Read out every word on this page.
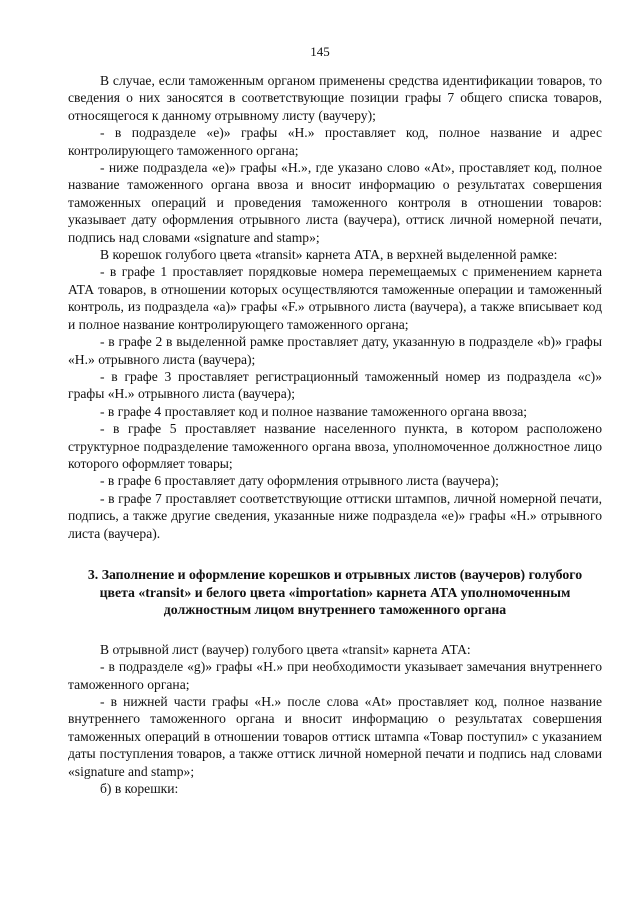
145

В случае, если таможенным органом применены средства идентификации товаров, то сведения о них заносятся в соответствующие позиции графы 7 общего списка товаров, относящегося к данному отрывному листу (ваучеру);

- в подразделе «e)» графы «H.» проставляет код, полное название и адрес контролирующего таможенного органа;

- ниже подраздела «e)» графы «H.», где указано слово «At», проставляет код, полное название таможенного органа ввоза и вносит информацию о результатах совершения таможенных операций и проведения таможенного контроля в отношении товаров: указывает дату оформления отрывного листа (ваучера), оттиск личной номерной печати, подпись над словами «signature and stamp»;

В корешок голубого цвета «transit» карнета АТА, в верхней выделенной рамке:

- в графе 1 проставляет порядковые номера перемещаемых с применением карнета АТА товаров, в отношении которых осуществляются таможенные операции и таможенный контроль, из подраздела «a)» графы «F.» отрывного листа (ваучера), а также вписывает код и полное название контролирующего таможенного органа;

- в графе 2 в выделенной рамке проставляет дату, указанную в подразделе «b)» графы «H.» отрывного листа (ваучера);

- в графе 3 проставляет регистрационный таможенный номер из подраздела «c)» графы «H.» отрывного листа (ваучера);

- в графе 4 проставляет код и полное название таможенного органа ввоза;

- в графе 5 проставляет название населенного пункта, в котором расположено структурное подразделение таможенного органа ввоза, уполномоченное должностное лицо которого оформляет товары;

- в графе 6 проставляет дату оформления отрывного листа (ваучера);

- в графе 7 проставляет соответствующие оттиски штампов, личной номерной печати, подпись, а также другие сведения, указанные ниже подраздела «e)» графы «H.» отрывного листа (ваучера).

3. Заполнение и оформление корешков и отрывных листов (ваучеров) голубого цвета «transit» и белого цвета «importation» карнета АТА уполномоченным должностным лицом внутреннего таможенного органа

В отрывной лист (ваучер) голубого цвета «transit» карнета АТА:

- в подразделе «g)» графы «H.» при необходимости указывает замечания внутреннего таможенного органа;

- в нижней части графы «H.» после слова «At» проставляет код, полное название внутреннего таможенного органа и вносит информацию о результатах совершения таможенных операций в отношении товаров оттиск штампа «Товар поступил» с указанием даты поступления товаров, а также оттиск личной номерной печати и подпись над словами «signature and stamp»;

б) в корешки:
